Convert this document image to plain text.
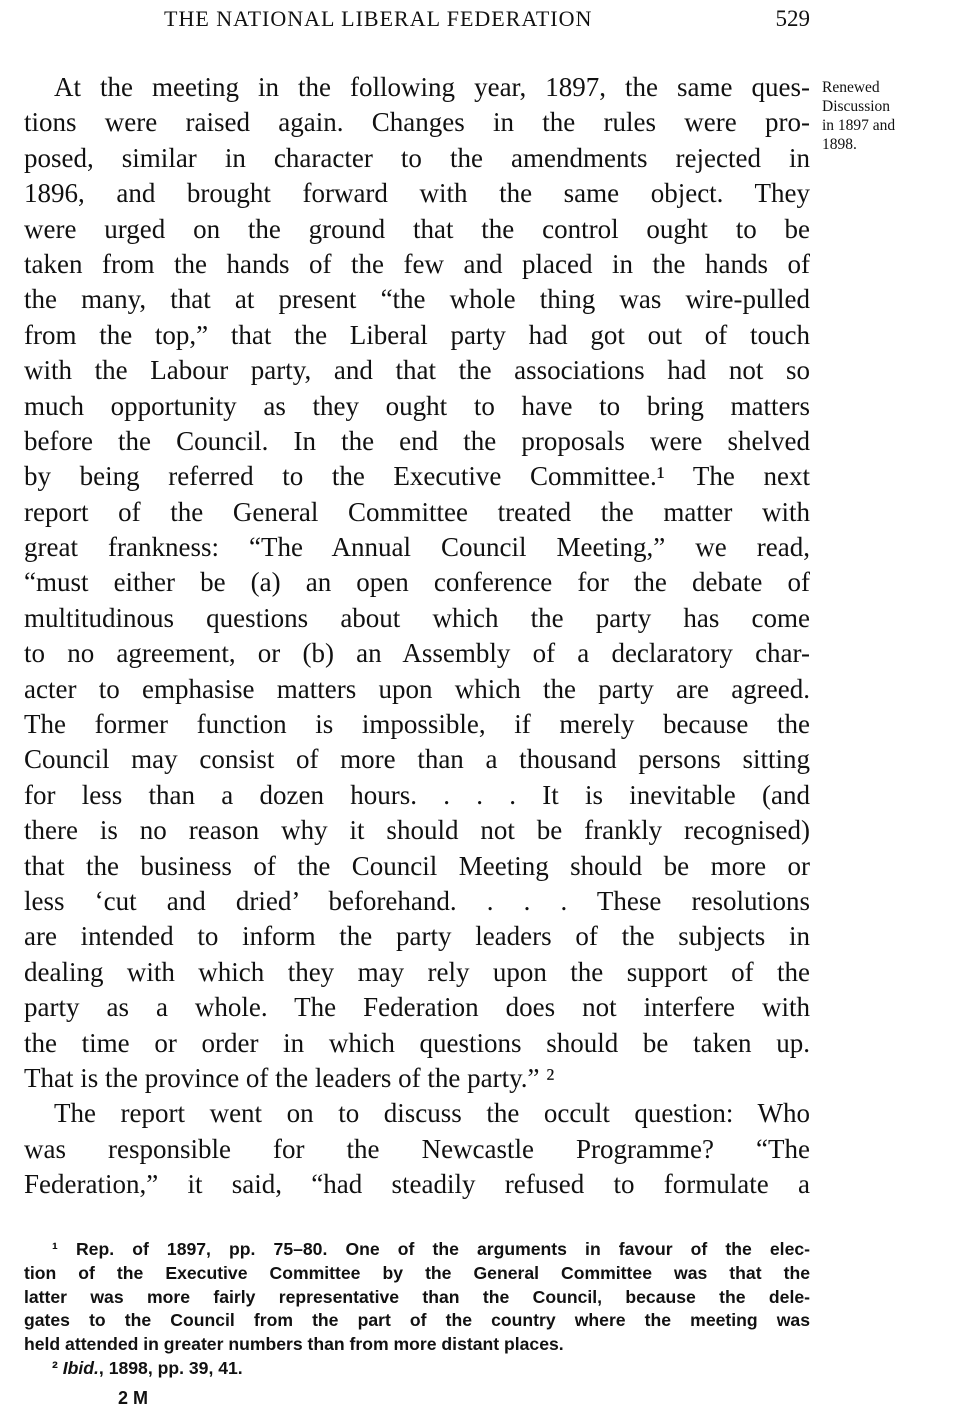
THE NATIONAL LIBERAL FEDERATION	529
Renewed
Discussion
in 1897 and
1898.
At the meeting in the following year, 1897, the same ques-
tions were raised again. Changes in the rules were pro-
posed, similar in character to the amendments rejected in
1896, and brought forward with the same object. They
were urged on the ground that the control ought to be
taken from the hands of the few and placed in the hands of
the many, that at present “the whole thing was wire-pulled
from the top,” that the Liberal party had got out of touch
with the Labour party, and that the associations had not so
much opportunity as they ought to have to bring matters
before the Council. In the end the proposals were shelved
by being referred to the Executive Committee.¹ The next
report of the General Committee treated the matter with
great frankness: “The Annual Council Meeting,” we read,
“must either be (a) an open conference for the debate of
multitudinous questions about which the party has come
to no agreement, or (b) an Assembly of a declaratory char-
acter to emphasise matters upon which the party are agreed.
The former function is impossible, if merely because the
Council may consist of more than a thousand persons sitting
for less than a dozen hours. . . . It is inevitable (and
there is no reason why it should not be frankly recognised)
that the business of the Council Meeting should be more or
less ‘cut and dried’ beforehand. . . . These resolutions
are intended to inform the party leaders of the subjects in
dealing with which they may rely upon the support of the
party as a whole. The Federation does not interfere with
the time or order in which questions should be taken up.
That is the province of the leaders of the party.” ²
The report went on to discuss the occult question: Who
was responsible for the Newcastle Programme? “The
Federation,” it said, “had steadily refused to formulate a
¹ Rep. of 1897, pp. 75–80. One of the arguments in favour of the elec-
tion of the Executive Committee by the General Committee was that the
latter was more fairly representative than the Council, because the dele-
gates to the Council from the part of the country where the meeting was
held attended in greater numbers than from more distant places.
² Ibid., 1898, pp. 39, 41.
2 M
